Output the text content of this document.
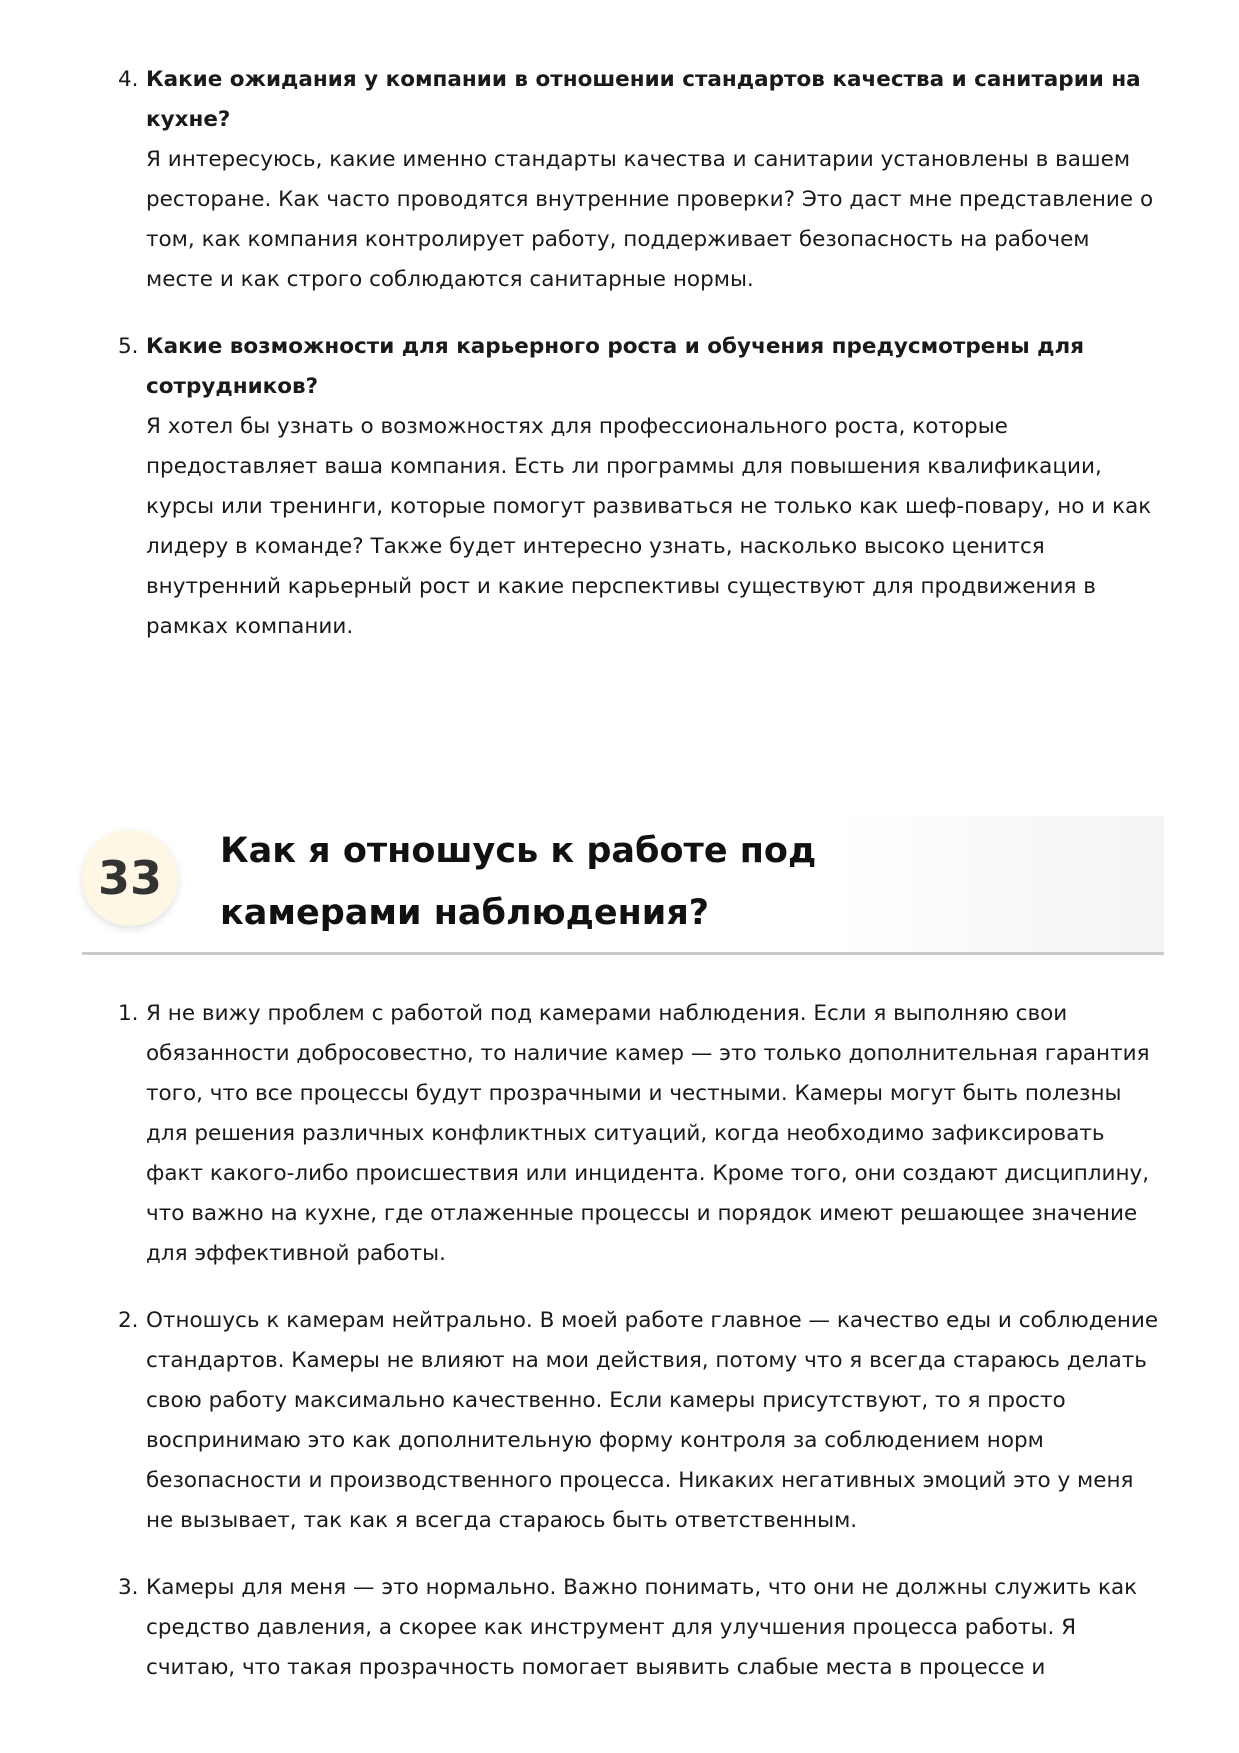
4. Какие ожидания у компании в отношении стандартов качества и санитарии на кухне?
Я интересуюсь, какие именно стандарты качества и санитарии установлены в вашем ресторане. Как часто проводятся внутренние проверки? Это даст мне представление о том, как компания контролирует работу, поддерживает безопасность на рабочем месте и как строго соблюдаются санитарные нормы.
5. Какие возможности для карьерного роста и обучения предусмотрены для сотрудников?
Я хотел бы узнать о возможностях для профессионального роста, которые предоставляет ваша компания. Есть ли программы для повышения квалификации, курсы или тренинги, которые помогут развиваться не только как шеф-повару, но и как лидеру в команде? Также будет интересно узнать, насколько высоко ценится внутренний карьерный рост и какие перспективы существуют для продвижения в рамках компании.
33	Как я отношусь к работе под камерами наблюдения?
1. Я не вижу проблем с работой под камерами наблюдения. Если я выполняю свои обязанности добросовестно, то наличие камер — это только дополнительная гарантия того, что все процессы будут прозрачными и честными. Камеры могут быть полезны для решения различных конфликтных ситуаций, когда необходимо зафиксировать факт какого-либо происшествия или инцидента. Кроме того, они создают дисциплину, что важно на кухне, где отлаженные процессы и порядок имеют решающее значение для эффективной работы.
2. Отношусь к камерам нейтрально. В моей работе главное — качество еды и соблюдение стандартов. Камеры не влияют на мои действия, потому что я всегда стараюсь делать свою работу максимально качественно. Если камеры присутствуют, то я просто воспринимаю это как дополнительную форму контроля за соблюдением норм безопасности и производственного процесса. Никаких негативных эмоций это у меня не вызывает, так как я всегда стараюсь быть ответственным.
3. Камеры для меня — это нормально. Важно понимать, что они не должны служить как средство давления, а скорее как инструмент для улучшения процесса работы. Я считаю, что такая прозрачность помогает выявить слабые места в процессе и
